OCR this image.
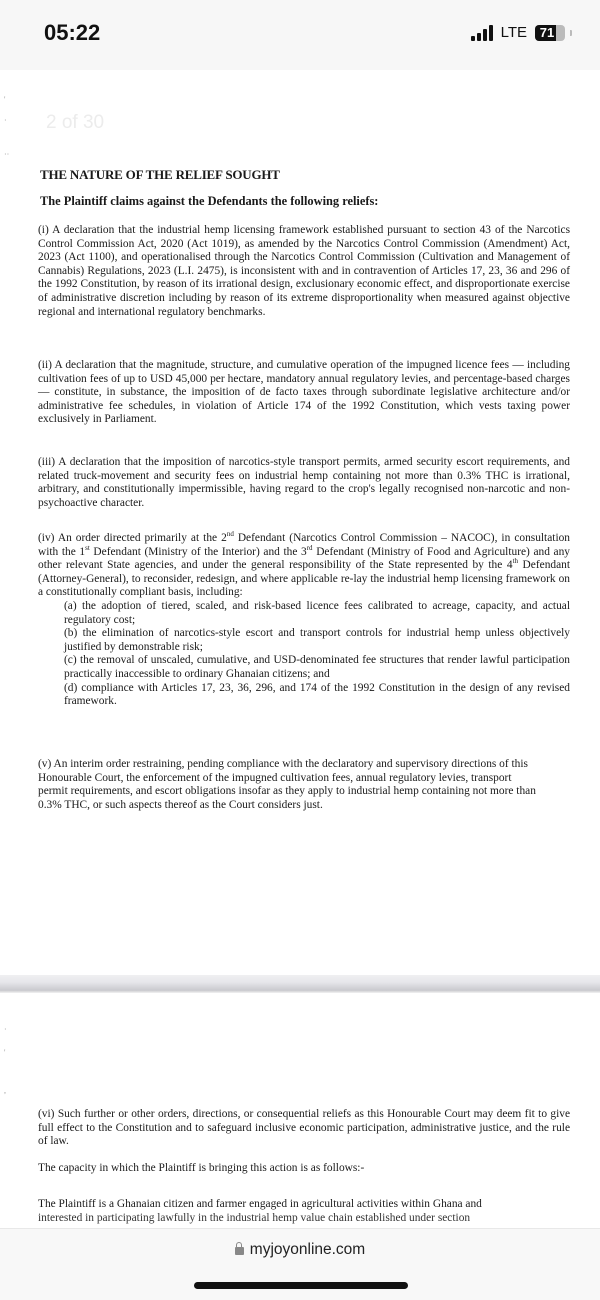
05:22	LTE 71
'
·
··
2 of 30
THE NATURE OF THE RELIEF SOUGHT
The Plaintiff claims against the Defendants the following reliefs:
(i) A declaration that the industrial hemp licensing framework established pursuant to section 43 of the Narcotics Control Commission Act, 2020 (Act 1019), as amended by the Narcotics Control Commission (Amendment) Act, 2023 (Act 1100), and operationalised through the Narcotics Control Commission (Cultivation and Management of Cannabis) Regulations, 2023 (L.I. 2475), is inconsistent with and in contravention of Articles 17, 23, 36 and 296 of the 1992 Constitution, by reason of its irrational design, exclusionary economic effect, and disproportionate exercise of administrative discretion including by reason of its extreme disproportionality when measured against objective regional and international regulatory benchmarks.
(ii) A declaration that the magnitude, structure, and cumulative operation of the impugned licence fees — including cultivation fees of up to USD 45,000 per hectare, mandatory annual regulatory levies, and percentage-based charges — constitute, in substance, the imposition of de facto taxes through subordinate legislative architecture and/or administrative fee schedules, in violation of Article 174 of the 1992 Constitution, which vests taxing power exclusively in Parliament.
(iii) A declaration that the imposition of narcotics-style transport permits, armed security escort requirements, and related truck-movement and security fees on industrial hemp containing not more than 0.3% THC is irrational, arbitrary, and constitutionally impermissible, having regard to the crop's legally recognised non-narcotic and non-psychoactive character.
(iv) An order directed primarily at the 2nd Defendant (Narcotics Control Commission – NACOC), in consultation with the 1st Defendant (Ministry of the Interior) and the 3rd Defendant (Ministry of Food and Agriculture) and any other relevant State agencies, and under the general responsibility of the State represented by the 4th Defendant (Attorney-General), to reconsider, redesign, and where applicable re-lay the industrial hemp licensing framework on a constitutionally compliant basis, including:
(a) the adoption of tiered, scaled, and risk-based licence fees calibrated to acreage, capacity, and actual regulatory cost;
(b) the elimination of narcotics-style escort and transport controls for industrial hemp unless objectively justified by demonstrable risk;
(c) the removal of unscaled, cumulative, and USD-denominated fee structures that render lawful participation practically inaccessible to ordinary Ghanaian citizens; and
(d) compliance with Articles 17, 23, 36, 296, and 174 of the 1992 Constitution in the design of any revised framework.
(v) An interim order restraining, pending compliance with the declaratory and supervisory directions of this Honourable Court, the enforcement of the impugned cultivation fees, annual regulatory levies, transport permit requirements, and escort obligations insofar as they apply to industrial hemp containing not more than 0.3% THC, or such aspects thereof as the Court considers just.
·
'
,
(vi) Such further or other orders, directions, or consequential reliefs as this Honourable Court may deem fit to give full effect to the Constitution and to safeguard inclusive economic participation, administrative justice, and the rule of law.
The capacity in which the Plaintiff is bringing this action is as follows:-
The Plaintiff is a Ghanaian citizen and farmer engaged in agricultural activities within Ghana and
interested in participating lawfully in the industrial hemp value chain established under section
myjoyonline.com
